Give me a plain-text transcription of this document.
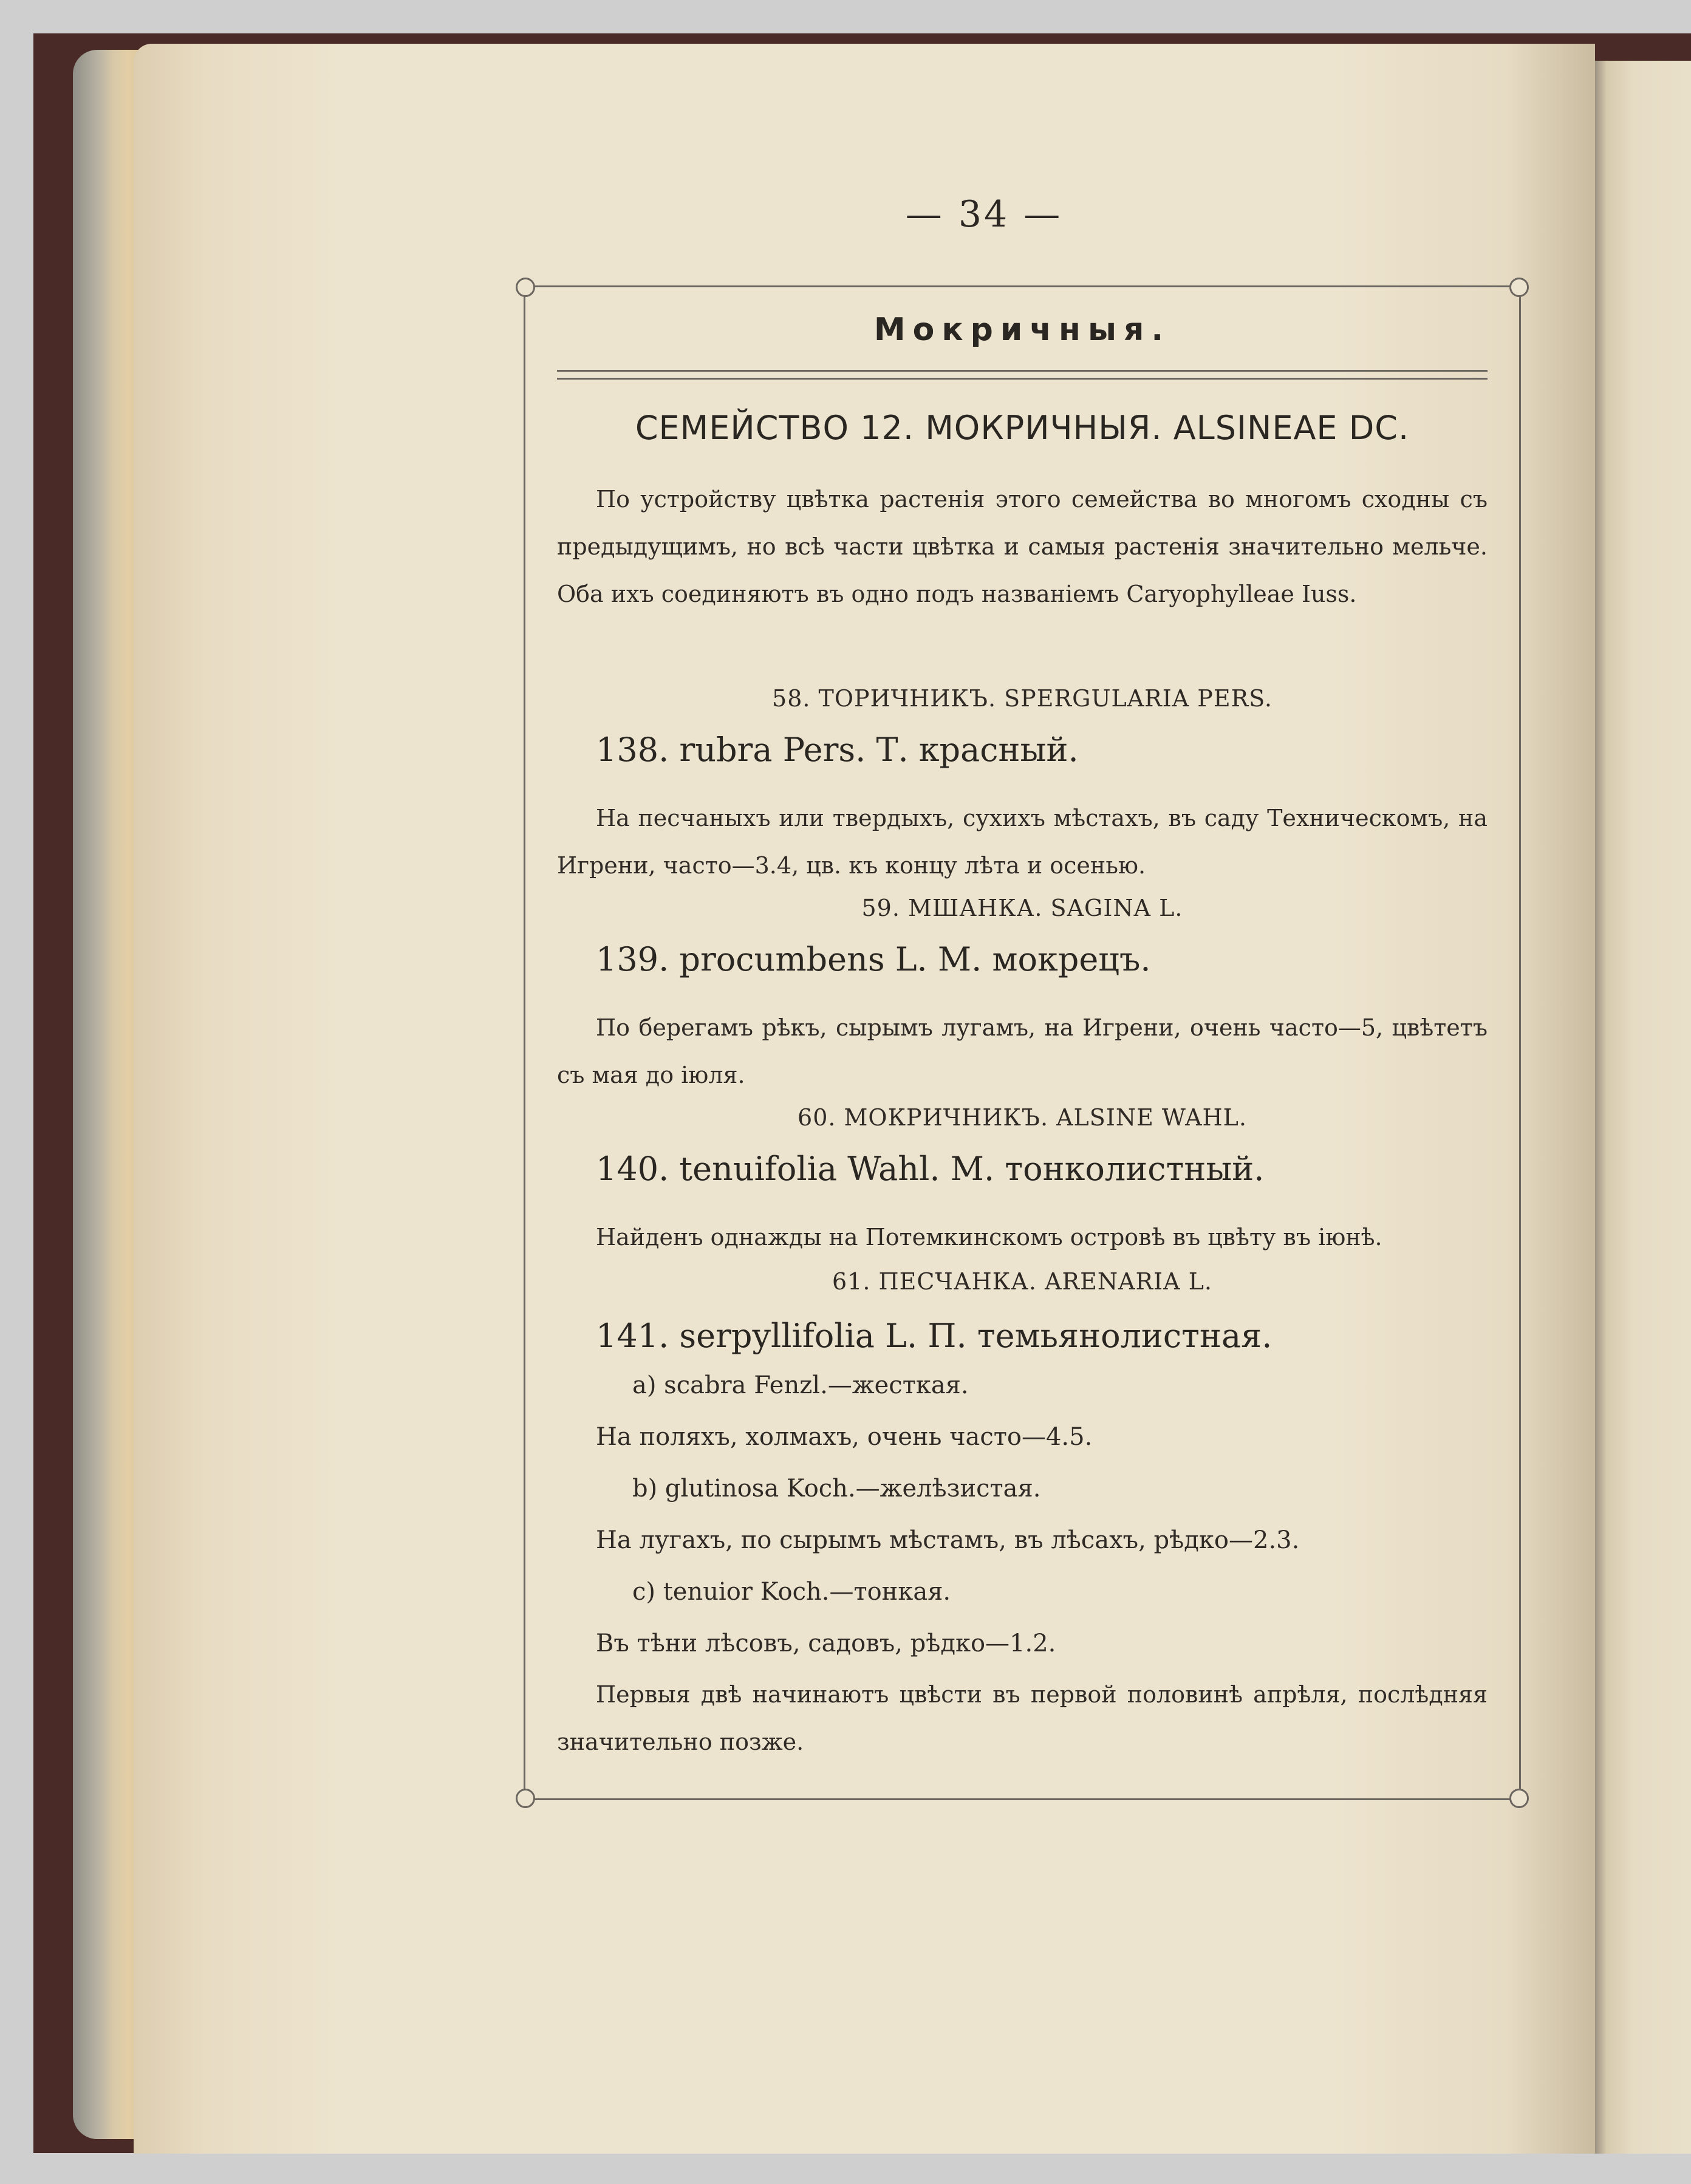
— 34 —
Мокричныя.
СЕМЕЙСТВО 12. МОКРИЧНЫЯ. ALSINEAE DC.
По устройству цвѣтка растенія этого семейства во многомъ сходны съ предыдущимъ, но всѣ части цвѣтка и самыя растенія значительно мельче. Оба ихъ соединяютъ въ одно подъ названіемъ Caryophylleae Iuss.
58. ТОРИЧНИКЪ. SPERGULARIA PERS.
138. rubra Pers. Т. красный.
На песчаныхъ или твердыхъ, сухихъ мѣстахъ, въ саду Техническомъ, на Игрени, часто—3.4, цв. къ концу лѣта и осенью.
59. МШАНКА. SAGINA L.
139. procumbens L. М. мокрецъ.
По берегамъ рѣкъ, сырымъ лугамъ, на Игрени, очень часто—5, цвѣтетъ съ мая до іюля.
60. МОКРИЧНИКЪ. ALSINE WAHL.
140. tenuifolia Wahl. М. тонколистный.
Найденъ однажды на Потемкинскомъ островѣ въ цвѣту въ іюнѣ.
61. ПЕСЧАНКА. ARENARIA L.
141. serpyllifolia L. П. темьянолистная.
a) scabra Fenzl.—жесткая.
На поляхъ, холмахъ, очень часто—4.5.
b) glutinosa Koch.—желѣзистая.
На лугахъ, по сырымъ мѣстамъ, въ лѣсахъ, рѣдко—2.3.
c) tenuior Koch.—тонкая.
Въ тѣни лѣсовъ, садовъ, рѣдко—1.2.
Первыя двѣ начинаютъ цвѣсти въ первой половинѣ апрѣля, послѣдняя значительно позже.
